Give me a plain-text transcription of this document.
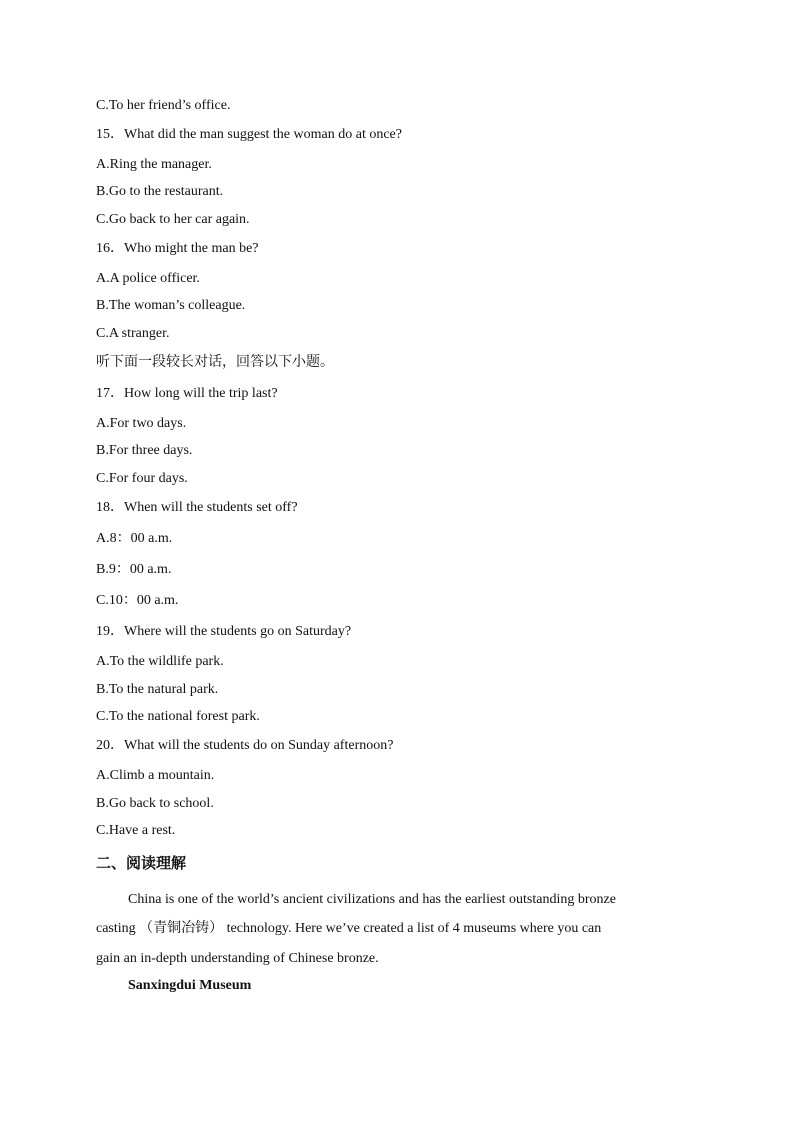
C.To her friend’s office.
15．What did the man suggest the woman do at once?
A.Ring the manager.
B.Go to the restaurant.
C.Go back to her car again.
16．Who might the man be?
A.A police officer.
B.The woman’s colleague.
C.A stranger.
听下面一段较长对话，回答以下小题。
17．How long will the trip last?
A.For two days.
B.For three days.
C.For four days.
18．When will the students set off?
A.8：00 a.m.
B.9：00 a.m.
C.10：00 a.m.
19．Where will the students go on Saturday?
A.To the wildlife park.
B.To the natural park.
C.To the national forest park.
20．What will the students do on Sunday afternoon?
A.Climb a mountain.
B.Go back to school.
C.Have a rest.
二、阅读理解
China is one of the world’s ancient civilizations and has the earliest outstanding bronze
casting （青铜冶铸） technology. Here we’ve created a list of 4 museums where you can
gain an in-depth understanding of Chinese bronze.
Sanxingdui Museum
